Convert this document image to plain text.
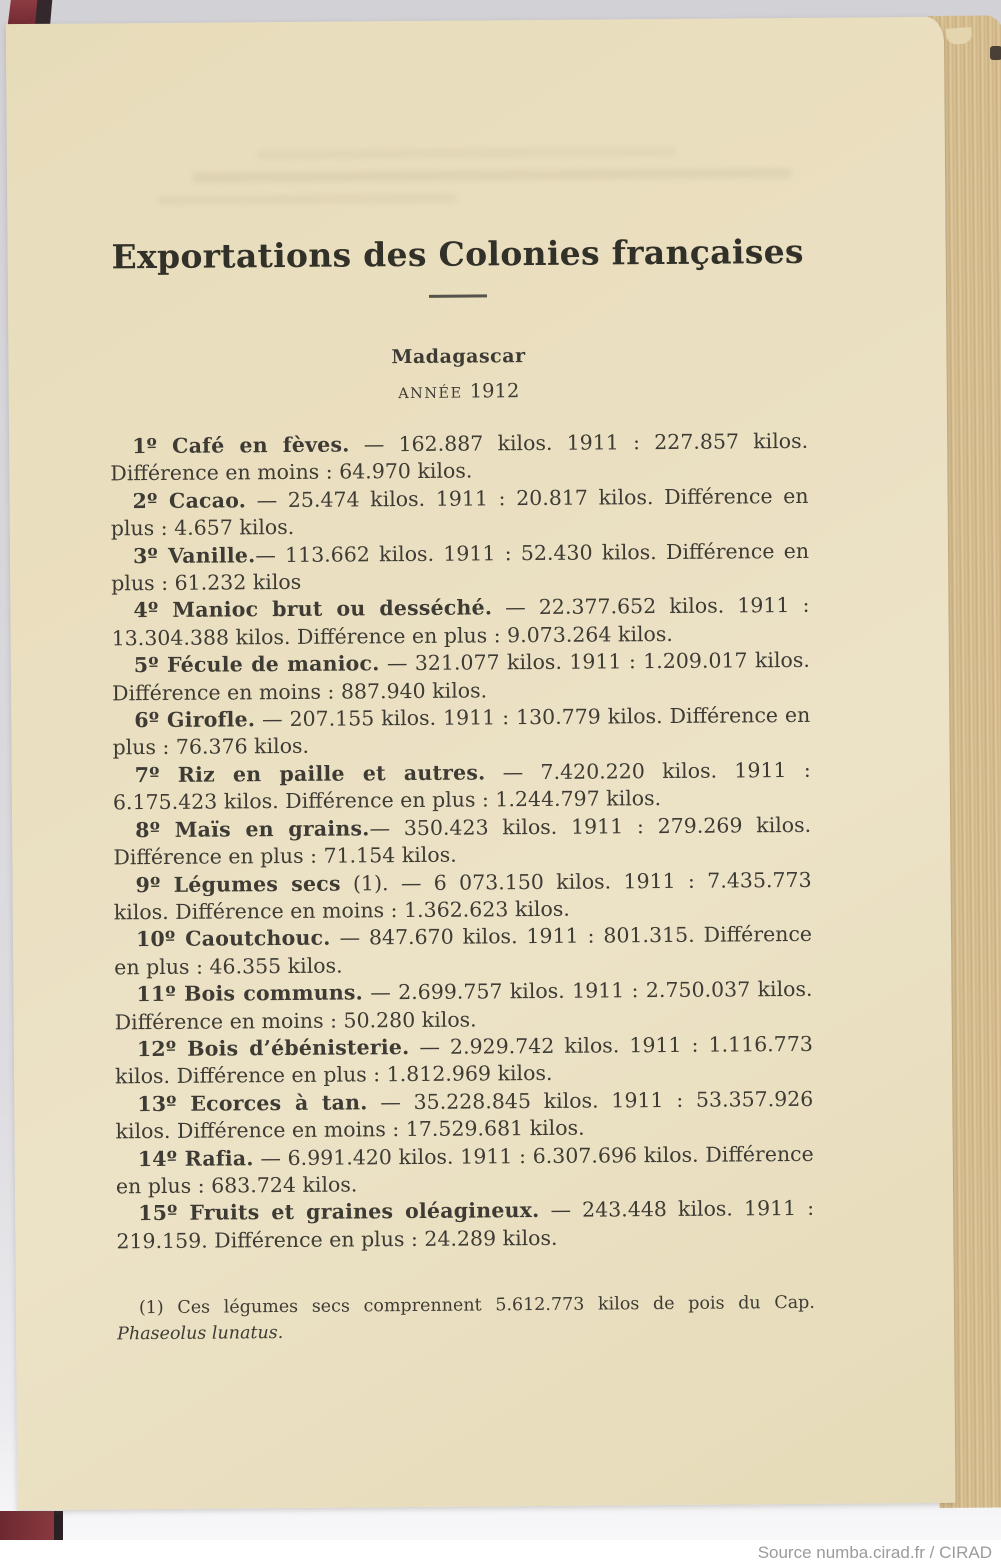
Exportations des Colonies françaises
Madagascar
ANNÉE 1912

1º Café en fèves. — 162.887 kilos. 1911 : 227.857 kilos. Différence en moins : 64.970 kilos.

2º Cacao. — 25.474 kilos. 1911 : 20.817 kilos. Différence en plus : 4.657 kilos.

3º Vanille.— 113.662 kilos. 1911 : 52.430 kilos. Différence en plus : 61.232 kilos

4º Manioc brut ou desséché. — 22.377.652 kilos. 1911 : 13.304.388 kilos. Différence en plus : 9.073.264 kilos.

5º Fécule de manioc. — 321.077 kilos. 1911 : 1.209.017 kilos. Différence en moins : 887.940 kilos.

6º Girofle. — 207.155 kilos. 1911 : 130.779 kilos. Différence en plus : 76.376 kilos.

7º Riz en paille et autres. — 7.420.220 kilos. 1911 : 6.175.423 kilos. Différence en plus : 1.244.797 kilos.

8º Maïs en grains.— 350.423 kilos. 1911 : 279.269 kilos. Différence en plus : 71.154 kilos.

9º Légumes secs (1). — 6 073.150 kilos. 1911 : 7.435.773 kilos. Différence en moins : 1.362.623 kilos.

10º Caoutchouc. — 847.670 kilos. 1911 : 801.315. Différence en plus : 46.355 kilos.

11º Bois communs. — 2.699.757 kilos. 1911 : 2.750.037 kilos. Différence en moins : 50.280 kilos.

12º Bois d’ébénisterie. — 2.929.742 kilos. 1911 : 1.116.773 kilos. Différence en plus : 1.812.969 kilos.

13º Ecorces à tan. — 35.228.845 kilos. 1911 : 53.357.926 kilos. Différence en moins : 17.529.681 kilos.

14º Rafia. — 6.991.420 kilos. 1911 : 6.307.696 kilos. Différence en plus : 683.724 kilos.

15º Fruits et graines oléagineux. — 243.448 kilos. 1911 : 219.159. Différence en plus : 24.289 kilos.

(1) Ces légumes secs comprennent 5.612.773 kilos de pois du Cap. Phaseolus lunatus.

Source numba.cirad.fr / CIRAD
